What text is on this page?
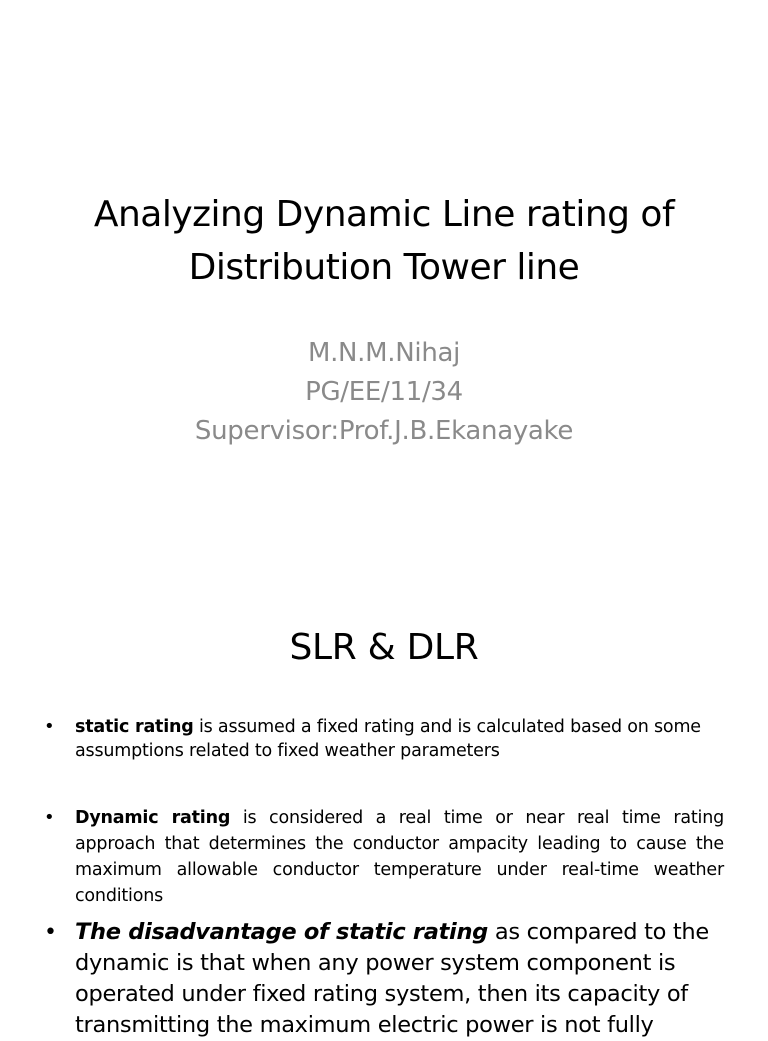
Analyzing Dynamic Line rating of
Distribution Tower line
M.N.M.Nihaj
PG/EE/11/34
Supervisor:Prof.J.B.Ekanayake
SLR & DLR
•	static rating is assumed a fixed rating and is calculated based on some assumptions related to fixed weather parameters
•	Dynamic rating is considered a real time or near real time rating approach that determines the conductor ampacity leading to cause the maximum allowable conductor temperature under real-time weather conditions
• The disadvantage of static rating as compared to the dynamic is that when any power system component is operated under fixed rating system, then its capacity of transmitting the maximum electric power is not fully
